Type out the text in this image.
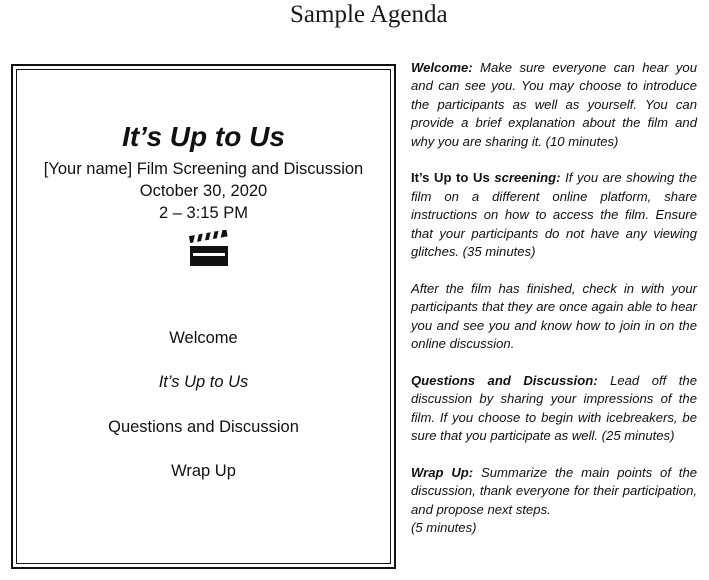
Sample Agenda
It’s Up to Us
[Your name] Film Screening and Discussion
October 30, 2020
2 – 3:15 PM
Welcome
It’s Up to Us
Questions and Discussion
Wrap Up

Welcome: Make sure everyone can hear you and can see you. You may choose to introduce the participants as well as yourself. You can provide a brief explanation about the film and why you are sharing it. (10 minutes)

It’s Up to Us screening: If you are showing the film on a different online platform, share instructions on how to access the film. Ensure that your participants do not have any viewing glitches. (35 minutes)

After the film has finished, check in with your participants that they are once again able to hear you and see you and know how to join in on the online discussion.

Questions and Discussion: Lead off the discussion by sharing your impressions of the film. If you choose to begin with icebreakers, be sure that you participate as well. (25 minutes)

Wrap Up: Summarize the main points of the discussion, thank everyone for their participation, and propose next steps.
(5 minutes)
